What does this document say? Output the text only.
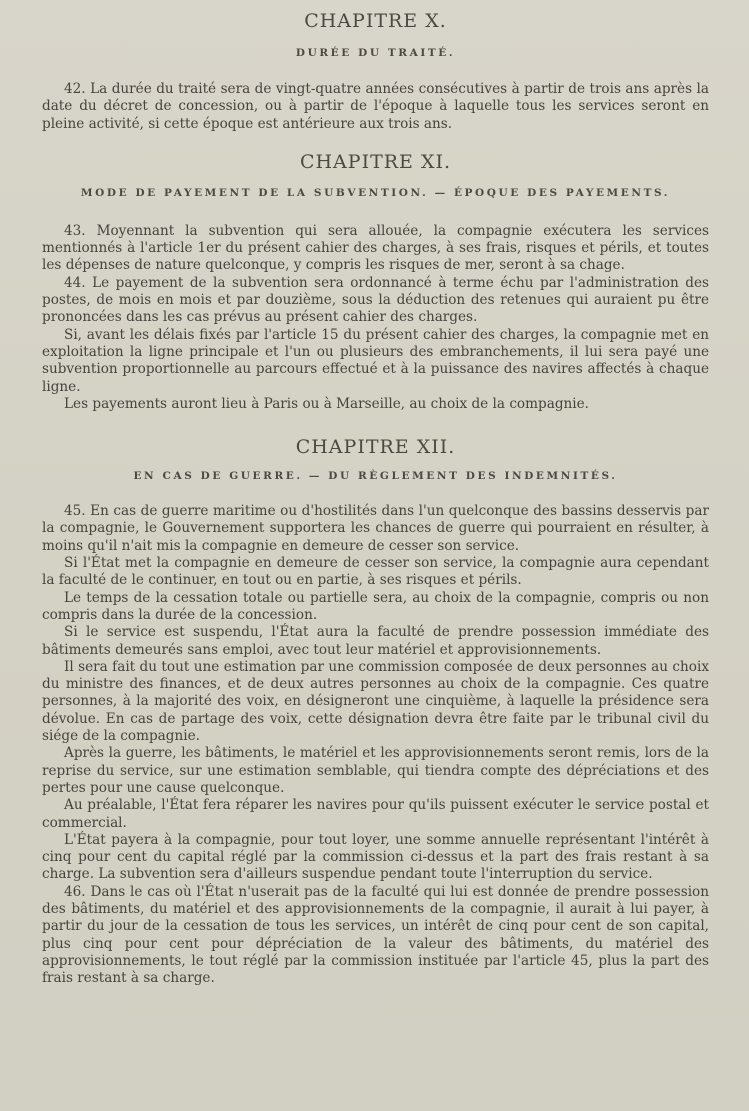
CHAPITRE X.
DURÉE DU TRAITÉ.

42. La durée du traité sera de vingt-quatre années consécutives à partir de trois ans après la date du décret de concession, ou à partir de l'époque à laquelle tous les services seront en pleine activité, si cette époque est antérieure aux trois ans.

CHAPITRE XI.
MODE DE PAYEMENT DE LA SUBVENTION. — ÉPOQUE DES PAYEMENTS.

43. Moyennant la subvention qui sera allouée, la compagnie exécutera les services mentionnés à l'article 1er du présent cahier des charges, à ses frais, risques et périls, et toutes les dépenses de nature quelconque, y compris les risques de mer, seront à sa chage.

44. Le payement de la subvention sera ordonnancé à terme échu par l'administration des postes, de mois en mois et par douzième, sous la déduction des retenues qui auraient pu être prononcées dans les cas prévus au présent cahier des charges.

Si, avant les délais fixés par l'article 15 du présent cahier des charges, la compagnie met en exploitation la ligne principale et l'un ou plusieurs des embranchements, il lui sera payé une subvention proportionnelle au parcours effectué et à la puissance des navires affectés à chaque ligne.

Les payements auront lieu à Paris ou à Marseille, au choix de la compagnie.

CHAPITRE XII.
EN CAS DE GUERRE. — DU RÈGLEMENT DES INDEMNITÉS.

45. En cas de guerre maritime ou d'hostilités dans l'un quelconque des bassins desservis par la compagnie, le Gouvernement supportera les chances de guerre qui pourraient en résulter, à moins qu'il n'ait mis la compagnie en demeure de cesser son service.

Si l'État met la compagnie en demeure de cesser son service, la compagnie aura cependant la faculté de le continuer, en tout ou en partie, à ses risques et périls.

Le temps de la cessation totale ou partielle sera, au choix de la compagnie, compris ou non compris dans la durée de la concession.

Si le service est suspendu, l'État aura la faculté de prendre possession immédiate des bâtiments demeurés sans emploi, avec tout leur matériel et approvisionnements.

Il sera fait du tout une estimation par une commission composée de deux personnes au choix du ministre des finances, et de deux autres personnes au choix de la compagnie. Ces quatre personnes, à la majorité des voix, en désigneront une cinquième, à laquelle la présidence sera dévolue. En cas de partage des voix, cette désignation devra être faite par le tribunal civil du siége de la compagnie.

Après la guerre, les bâtiments, le matériel et les approvisionnements seront remis, lors de la reprise du service, sur une estimation semblable, qui tiendra compte des dépréciations et des pertes pour une cause quelconque.

Au préalable, l'État fera réparer les navires pour qu'ils puissent exécuter le service postal et commercial.

L'État payera à la compagnie, pour tout loyer, une somme annuelle représentant l'intérêt à cinq pour cent du capital réglé par la commission ci-dessus et la part des frais restant à sa charge. La subvention sera d'ailleurs suspendue pendant toute l'interruption du service.

46. Dans le cas où l'État n'userait pas de la faculté qui lui est donnée de prendre possession des bâtiments, du matériel et des approvisionnements de la compagnie, il aurait à lui payer, à partir du jour de la cessation de tous les services, un intérêt de cinq pour cent de son capital, plus cinq pour cent pour dépréciation de la valeur des bâtiments, du matériel des approvisionnements, le tout réglé par la commission instituée par l'article 45, plus la part des frais restant à sa charge.
